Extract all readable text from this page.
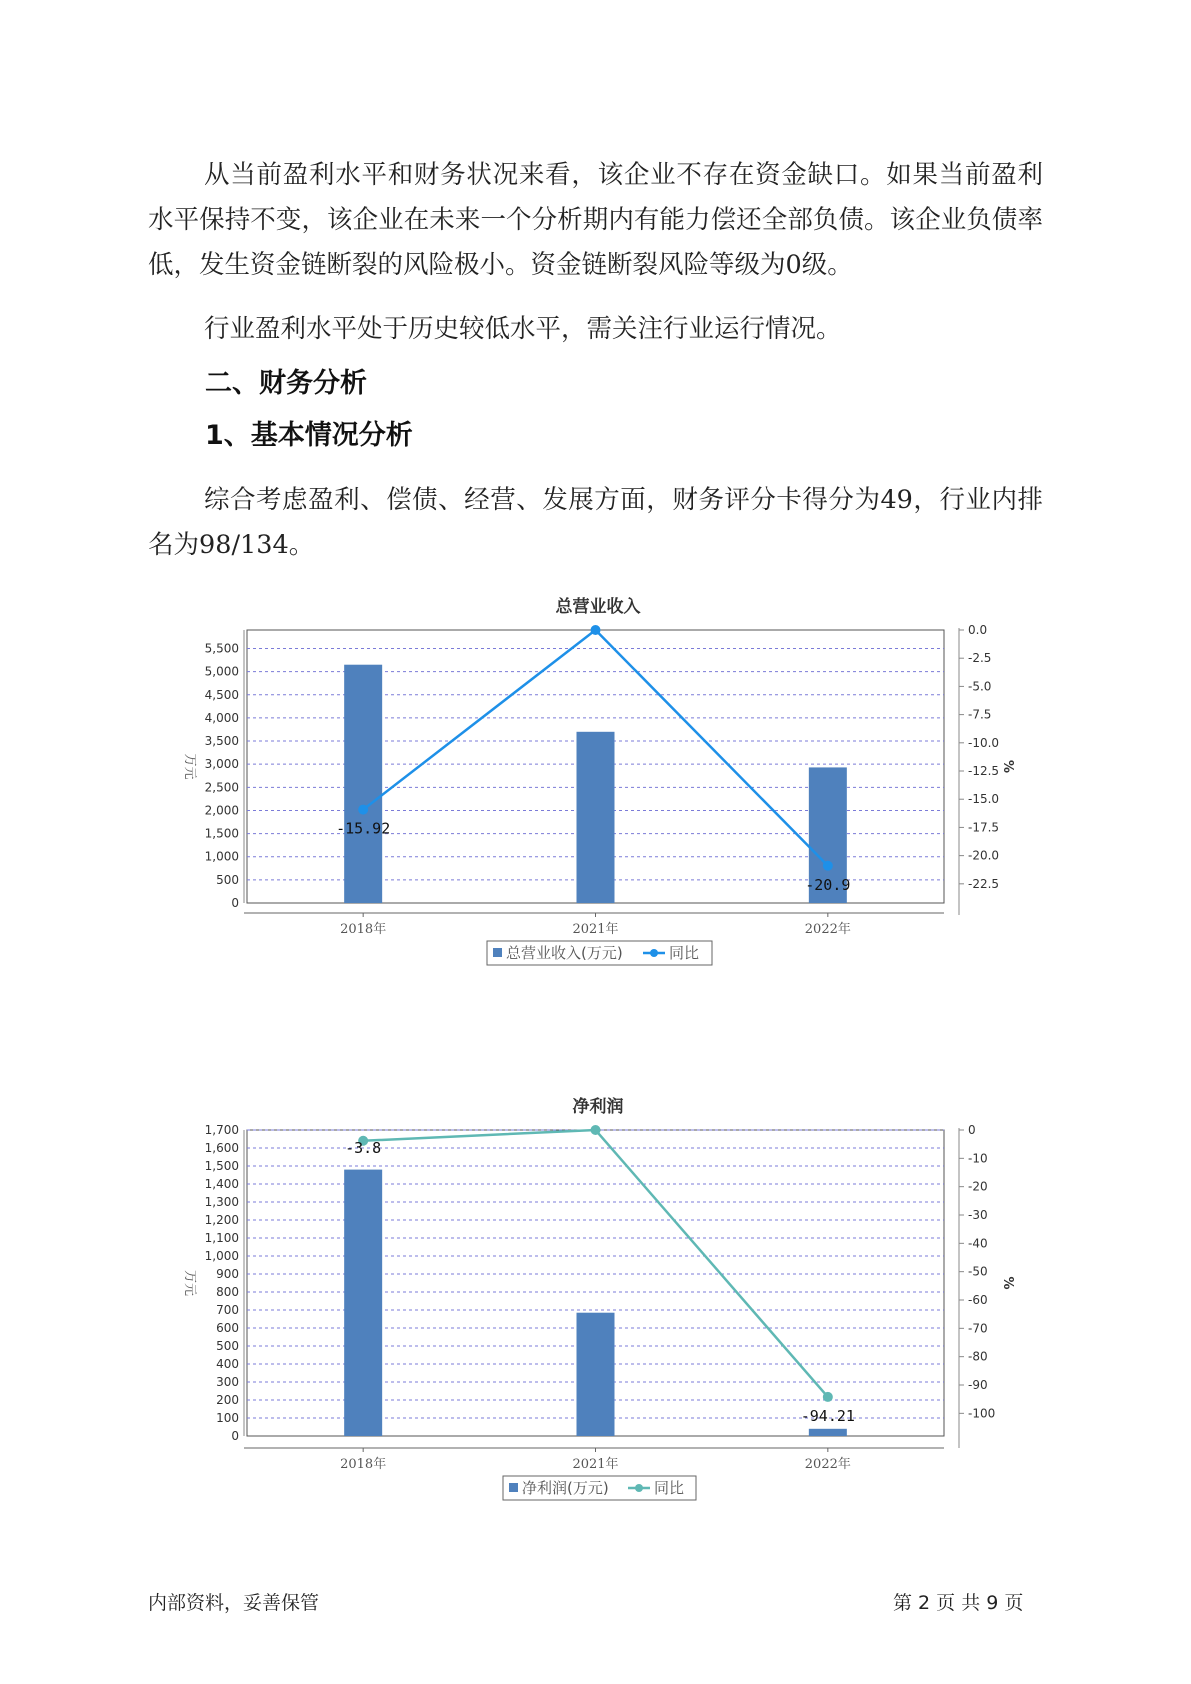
从当前盈利水平和财务状况来看，该企业不存在资金缺口。如果当前盈利水平保持不变，该企业在未来一个分析期内有能力偿还全部负债。该企业负债率低，发生资金链断裂的风险极小。资金链断裂风险等级为0级。

行业盈利水平处于历史较低水平，需关注行业运行情况。

二、财务分析
1、基本情况分析

综合考虑盈利、偿债、经营、发展方面，财务评分卡得分为49，行业内排名为98/134。

总营业收入
0
500
1,000
1,500
2,000
2,500
3,000
3,500
4,000
4,500
5,000
5,500
0.0
-2.5
-5.0
-7.5
-10.0
-12.5
-15.0
-17.5
-20.0
-22.5
-15.92
-20.9
2018年	2021年	2022年
万元	%
总营业收入(万元)	同比
净利润
0
100
200
300
400
500
600
700
800
900
1,000
1,100
1,200
1,300
1,400
1,500
1,600
1,700	0
-10
-20
-30
-40
-50
-60
-70
-80
-90
-100
-3.8
-94.21
2018年	2021年	2022年
万元	%
净利润(万元)	同比
内部资料，妥善保管	第 2 页 共 9 页
